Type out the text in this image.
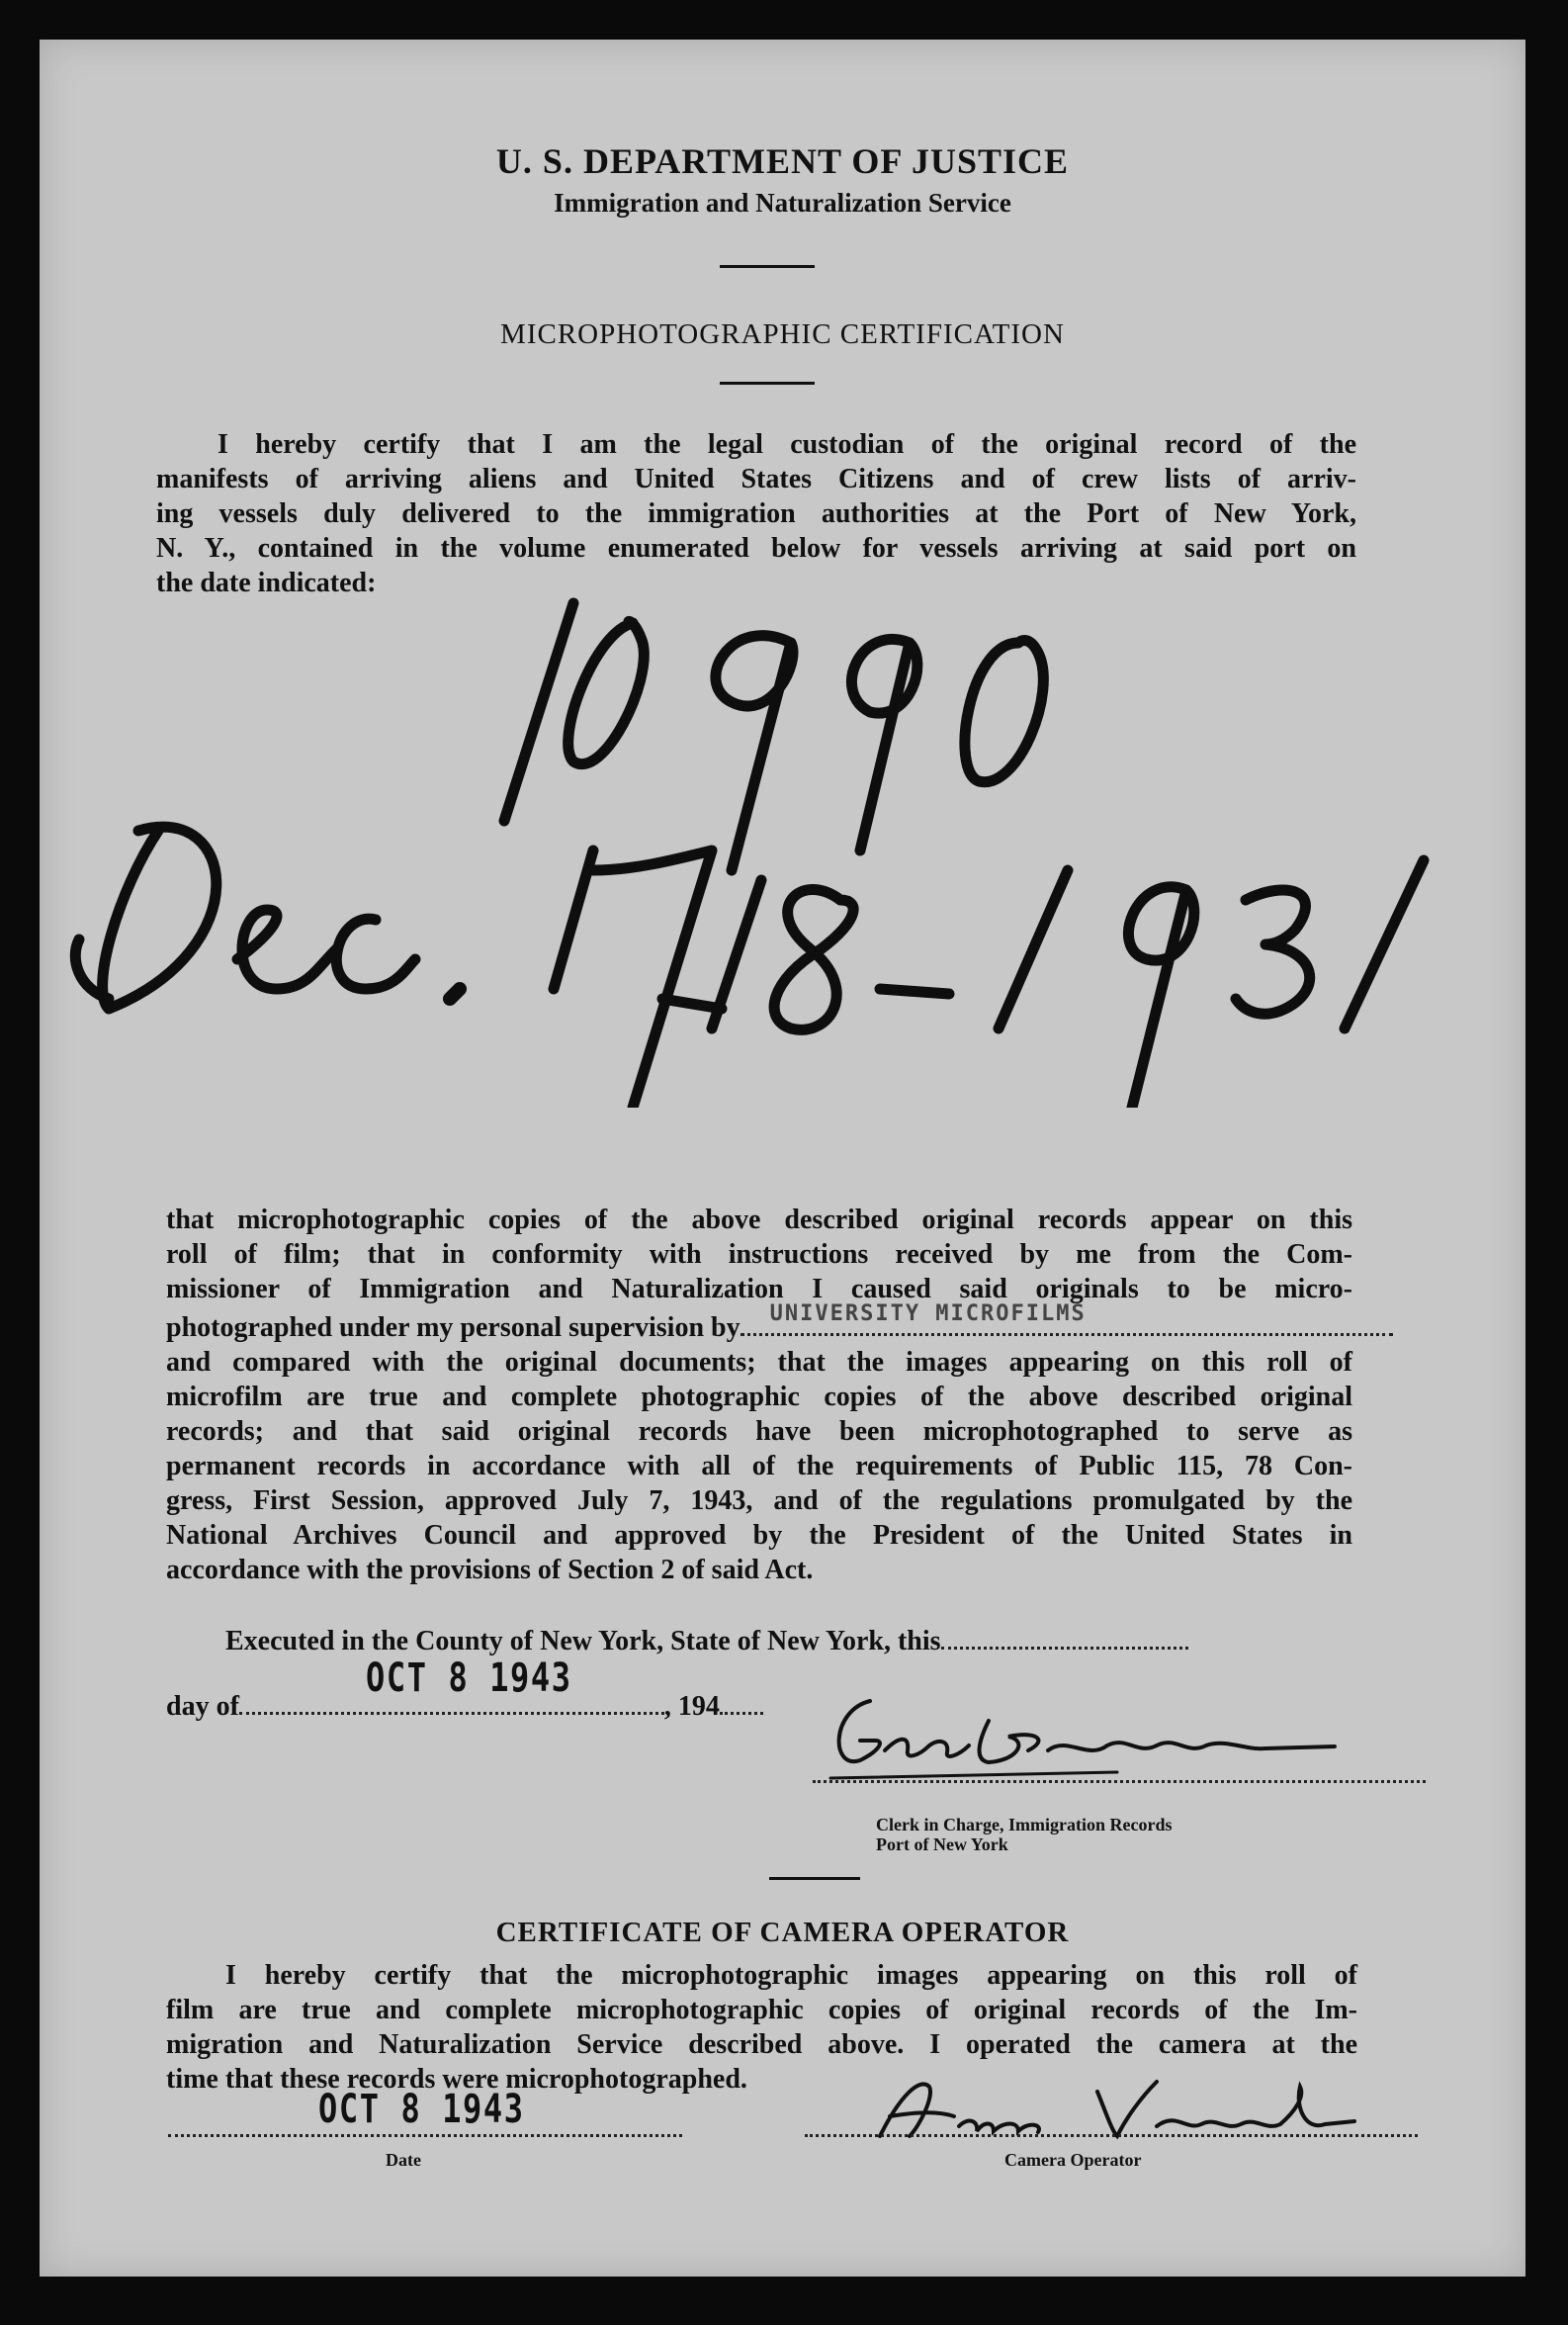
U. S. DEPARTMENT OF JUSTICE
Immigration and Naturalization Service
MICROPHOTOGRAPHIC CERTIFICATION
I hereby certify that I am the legal custodian of the original record of the
manifests of arriving aliens and United States Citizens and of crew lists of arriv-
ing vessels duly delivered to the immigration authorities at the Port of New York,
N. Y., contained in the volume enumerated below for vessels arriving at said port on
the date indicated:
that microphotographic copies of the above described original records appear on this
roll of film; that in conformity with instructions received by me from the Com-
missioner of Immigration and Naturalization I caused said originals to be micro-
photographed under my personal supervision by UNIVERSITY MICROFILMS
and compared with the original documents; that the images appearing on this roll of
microfilm are true and complete photographic copies of the above described original
records; and that said original records have been microphotographed to serve as
permanent records in accordance with all of the requirements of Public 115, 78 Con-
gress, First Session, approved July 7, 1943, and of the regulations promulgated by the
National Archives Council and approved by the President of the United States in
accordance with the provisions of Section 2 of said Act.
Executed in the County of New York, State of New York, this
OCT 8 1943
day of	, 194
Clerk in Charge, Immigration Records
Port of New York
CERTIFICATE OF CAMERA OPERATOR
I hereby certify that the microphotographic images appearing on this roll of
film are true and complete microphotographic copies of original records of the Im-
migration and Naturalization Service described above. I operated the camera at the
time that these records were microphotographed.
OCT 8 1943
Date	Camera Operator
